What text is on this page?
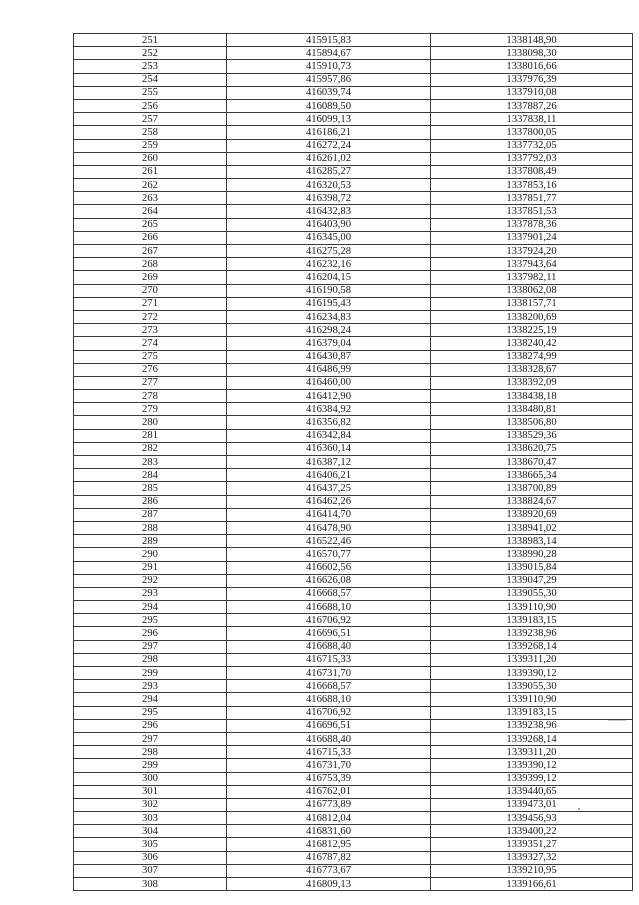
251	415915,83	1338148,90
252	415894,67	1338098,30
253	415910,73	1338016,66
254	415957,86	1337976,39
255	416039,74	1337910,08
256	416089,50	1337887,26
257	416099,13	1337838,11
258	416186,21	1337800,05
259	416272,24	1337732,05
260	416261,02	1337792,03
261	416285,27	1337808,49
262	416320,53	1337853,16
263	416398,72	1337851,77
264	416432,83	1337851,53
265	416403,90	1337878,36
266	416345,00	1337901,24
267	416275,28	1337924,20
268	416232,16	1337943,64
269	416204,15	1337982,11
270	416190,58	1338062,08
271	416195,43	1338157,71
272	416234,83	1338200,69
273	416298,24	1338225,19
274	416379,04	1338240,42
275	416430,87	1338274,99
276	416486,99	1338328,67
277	416460,00	1338392,09
278	416412,90	1338438,18
279	416384,92	1338480,81
280	416356,82	1338506,80
281	416342,84	1338529,36
282	416360,14	1338620,75
283	416387,12	1338670,47
284	416406,21	1338665,34
285	416437,25	1338700,89
286	416462,26	1338824,67
287	416414,70	1338920,69
288	416478,90	1338941,02
289	416522,46	1338983,14
290	416570,77	1338990,28
291	416602,56	1339015,84
292	416626,08	1339047,29
293	416668,57	1339055,30
294	416688,10	1339110,90
295	416706,92	1339183,15
296	416696,51	1339238,96
297	416688,40	1339268,14
298	416715,33	1339311,20
299	416731,70	1339390,12
293	416668,57	1339055,30
294	416688,10	1339110,90
295	416706,92	1339183,15
296	416696,51	1339238,96
297	416688,40	1339268,14
298	416715,33	1339311,20
299	416731,70	1339390,12
300	416753,39	1339399,12
301	416762,01	1339440,65
302	416773,89	1339473,01
303	416812,04	1339456,93
304	416831,60	1339400,22
305	416812,95	1339351,27
306	416787,82	1339327,32
307	416773,67	1339210,95
308	416809,13	1339166,61
